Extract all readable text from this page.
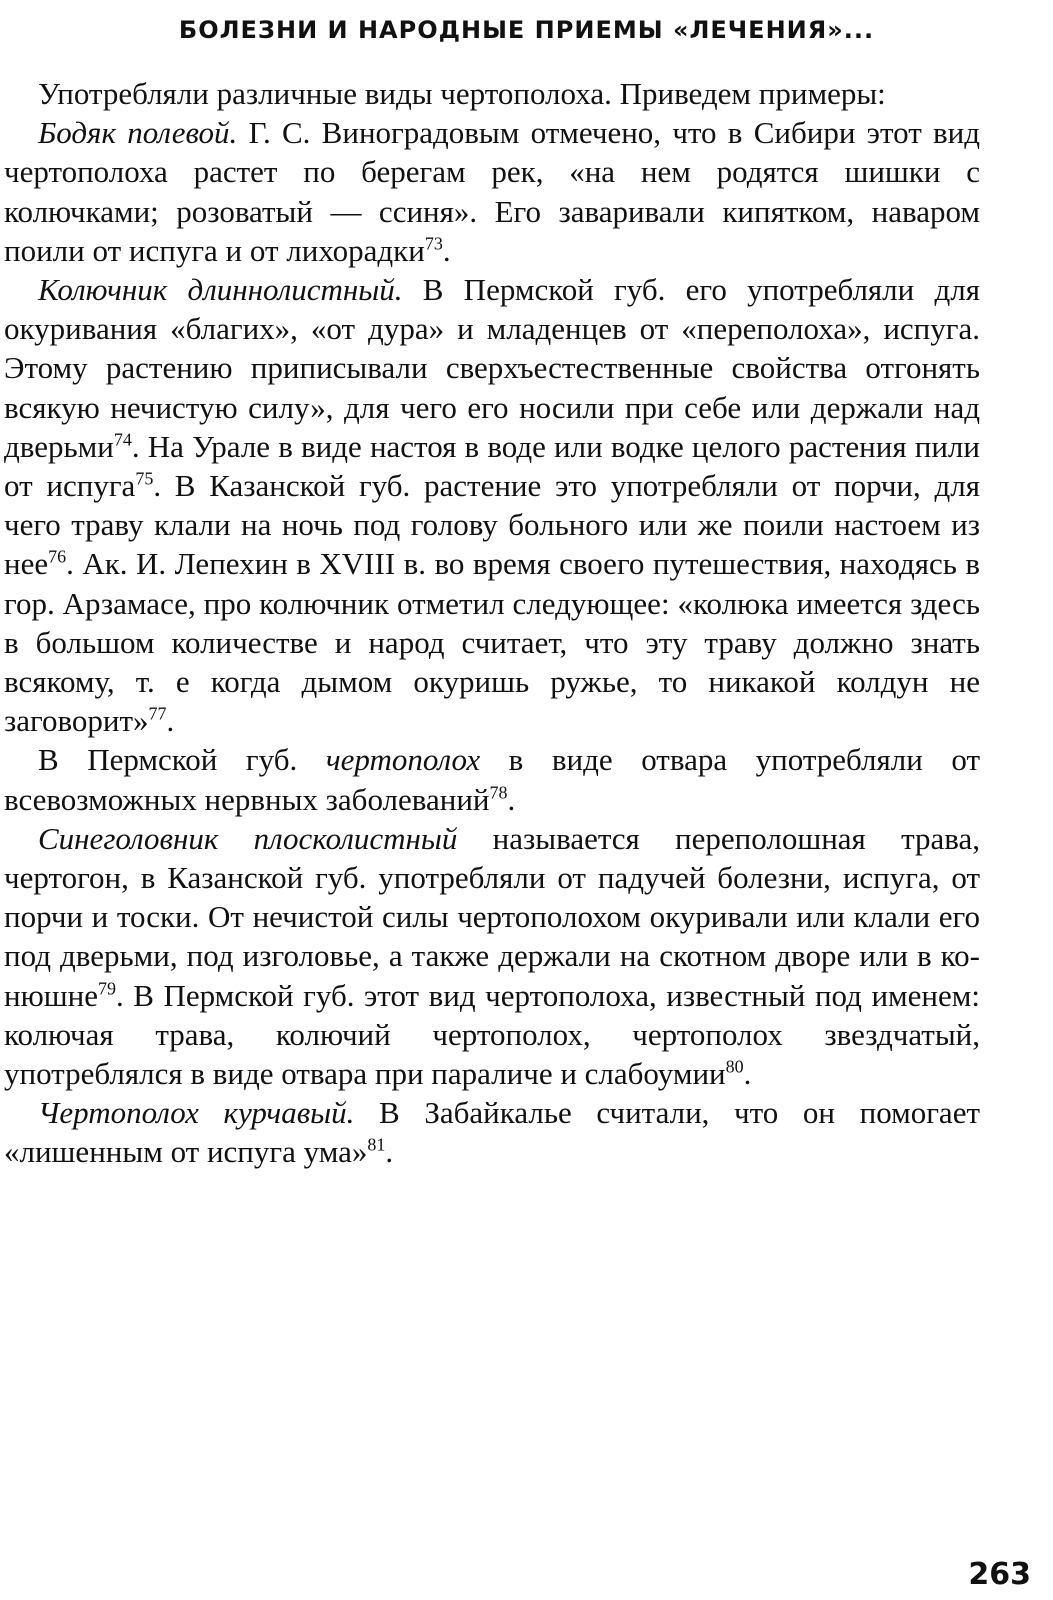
БОЛЕЗНИ И НАРОДНЫЕ ПРИЕМЫ «ЛЕЧЕНИЯ»...

Употребляли различные виды чертополоха. Приведем примеры:

Бодяк полевой. Г. С. Виноградовым отмечено, что в Сибири этот вид чертополоха растет по берегам рек, «на нем родятся шишки с колючками; розоватый — ссиня». Его заваривали кипятком, наваром поили от испуга и от лихорадки$^{73}$.

Колючник длиннолистный. В Пермской губ. его употребляли для окуривания «благих», «от дура» и младенцев от «переполоха», испуга. Этому растению приписывали сверхъестественные свойства отгонять всякую нечистую силу», для чего его носили при себе или держали над дверьми$^{74}$. На Урале в виде настоя в воде или водке целого растения пили от испуга$^{75}$. В Казанской губ. растение это употребляли от порчи, для чего траву клали на ночь под голову больного или же поили настоем из нее$^{76}$. Ак. И. Лепехин в XVIII в. во время своего путешествия, находясь в гор. Арзамасе, про колючник отметил следующее: «колюка имеется здесь в большом количестве и народ считает, что эту траву должно знать всякому, т. е когда дымом окуришь ружье, то никакой колдун не заговорит»$^{77}$.

В Пермской губ. чертополох в виде отвара употребляли от всевозможных нервных заболеваний$^{78}$.

Синеголовник плосколистный называется переполошная трава, чертогон, в Казанской губ. употребляли от падучей болезни, испуга, от порчи и тоски. От нечистой силы чертополохом окуривали или клали его под дверьми, под изголовье, а также держали на скотном дворе или в конюшне$^{79}$. В Пермской губ. этот вид чертополоха, известный под именем: колючая трава, колючий чертополох, чертополох звездчатый, употреблялся в виде отвара при параличе и слабоумии$^{80}$.

Чертополох курчавый. В Забайкалье считали, что он помогает «лишенным от испуга ума»$^{81}$.

263
